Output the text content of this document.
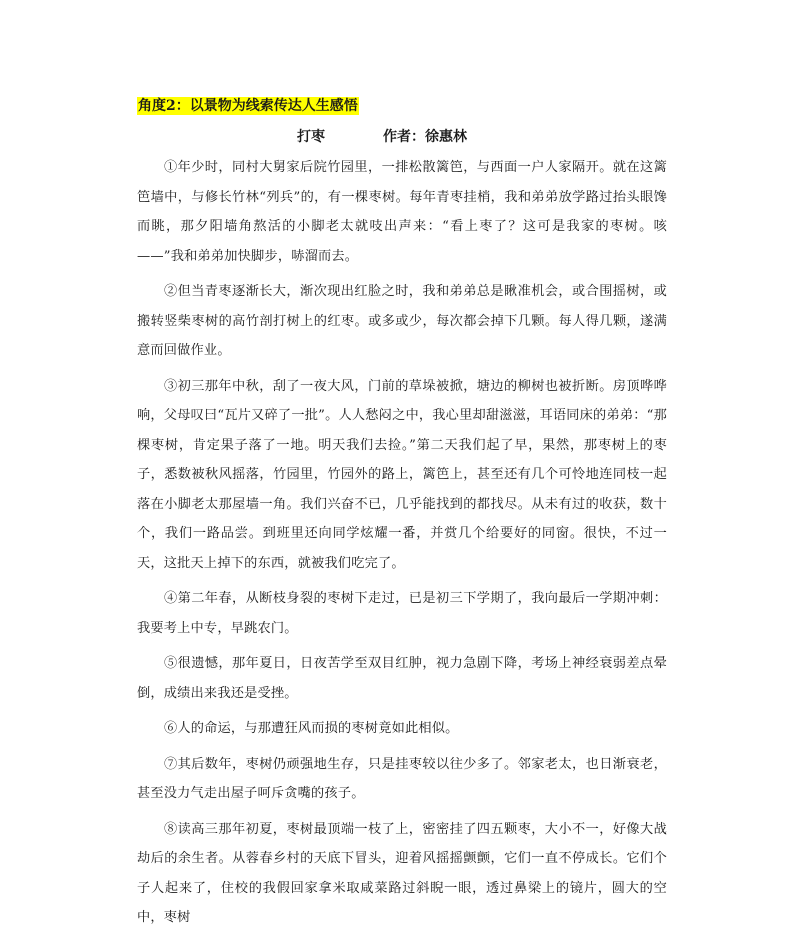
角度2：以景物为线索传达人生感悟
打枣	作者：徐惠林

①年少时，同村大舅家后院竹园里，一排松散篱笆，与西面一户人家隔开。就在这篱笆墙中，与修长竹林“列兵”的，有一棵枣树。每年青枣挂梢，我和弟弟放学路过抬头眼馋而眺，那夕阳墙角熬活的小脚老太就吱出声来：“看上枣了？这可是我家的枣树。咳——”我和弟弟加快脚步，哧溜而去。

②但当青枣逐渐长大，渐次现出红脸之时，我和弟弟总是瞅准机会，或合围摇树，或搬转竖柴枣树的高竹剖打树上的红枣。或多或少，每次都会掉下几颗。每人得几颗，遂满意而回做作业。

③初三那年中秋，刮了一夜大风，门前的草垛被掀，塘边的柳树也被折断。房顶哗哗响，父母叹曰“瓦片又碎了一批”。人人愁闷之中，我心里却甜滋滋，耳语同床的弟弟：“那棵枣树，肯定果子落了一地。明天我们去捡。”第二天我们起了早，果然，那枣树上的枣子，悉数被秋风摇落，竹园里，竹园外的路上，篱笆上，甚至还有几个可怜地连同枝一起落在小脚老太那屋墙一角。我们兴奋不已，几乎能找到的都找尽。从未有过的收获，数十个，我们一路品尝。到班里还向同学炫耀一番，并赏几个给要好的同窗。很快，不过一天，这批天上掉下的东西，就被我们吃完了。

④第二年春，从断枝身裂的枣树下走过，已是初三下学期了，我向最后一学期冲刺：我要考上中专，早跳农门。

⑤很遗憾，那年夏日，日夜苦学至双目红肿，视力急剧下降，考场上神经衰弱差点晕倒，成绩出来我还是受挫。

⑥人的命运，与那遭狂风而损的枣树竟如此相似。

⑦其后数年，枣树仍顽强地生存，只是挂枣较以往少多了。邻家老太，也日渐衰老，甚至没力气走出屋子呵斥贪嘴的孩子。

⑧读高三那年初夏，枣树最顶端一枝了上，密密挂了四五颗枣，大小不一，好像大战劫后的余生者。从蓉春乡村的天底下冒头，迎着风摇摇颤颤，它们一直不停成长。它们个子人起来了，住校的我假回家拿米取咸菜路过斜睨一眼，透过鼻梁上的镜片，圆大的空中，枣树
